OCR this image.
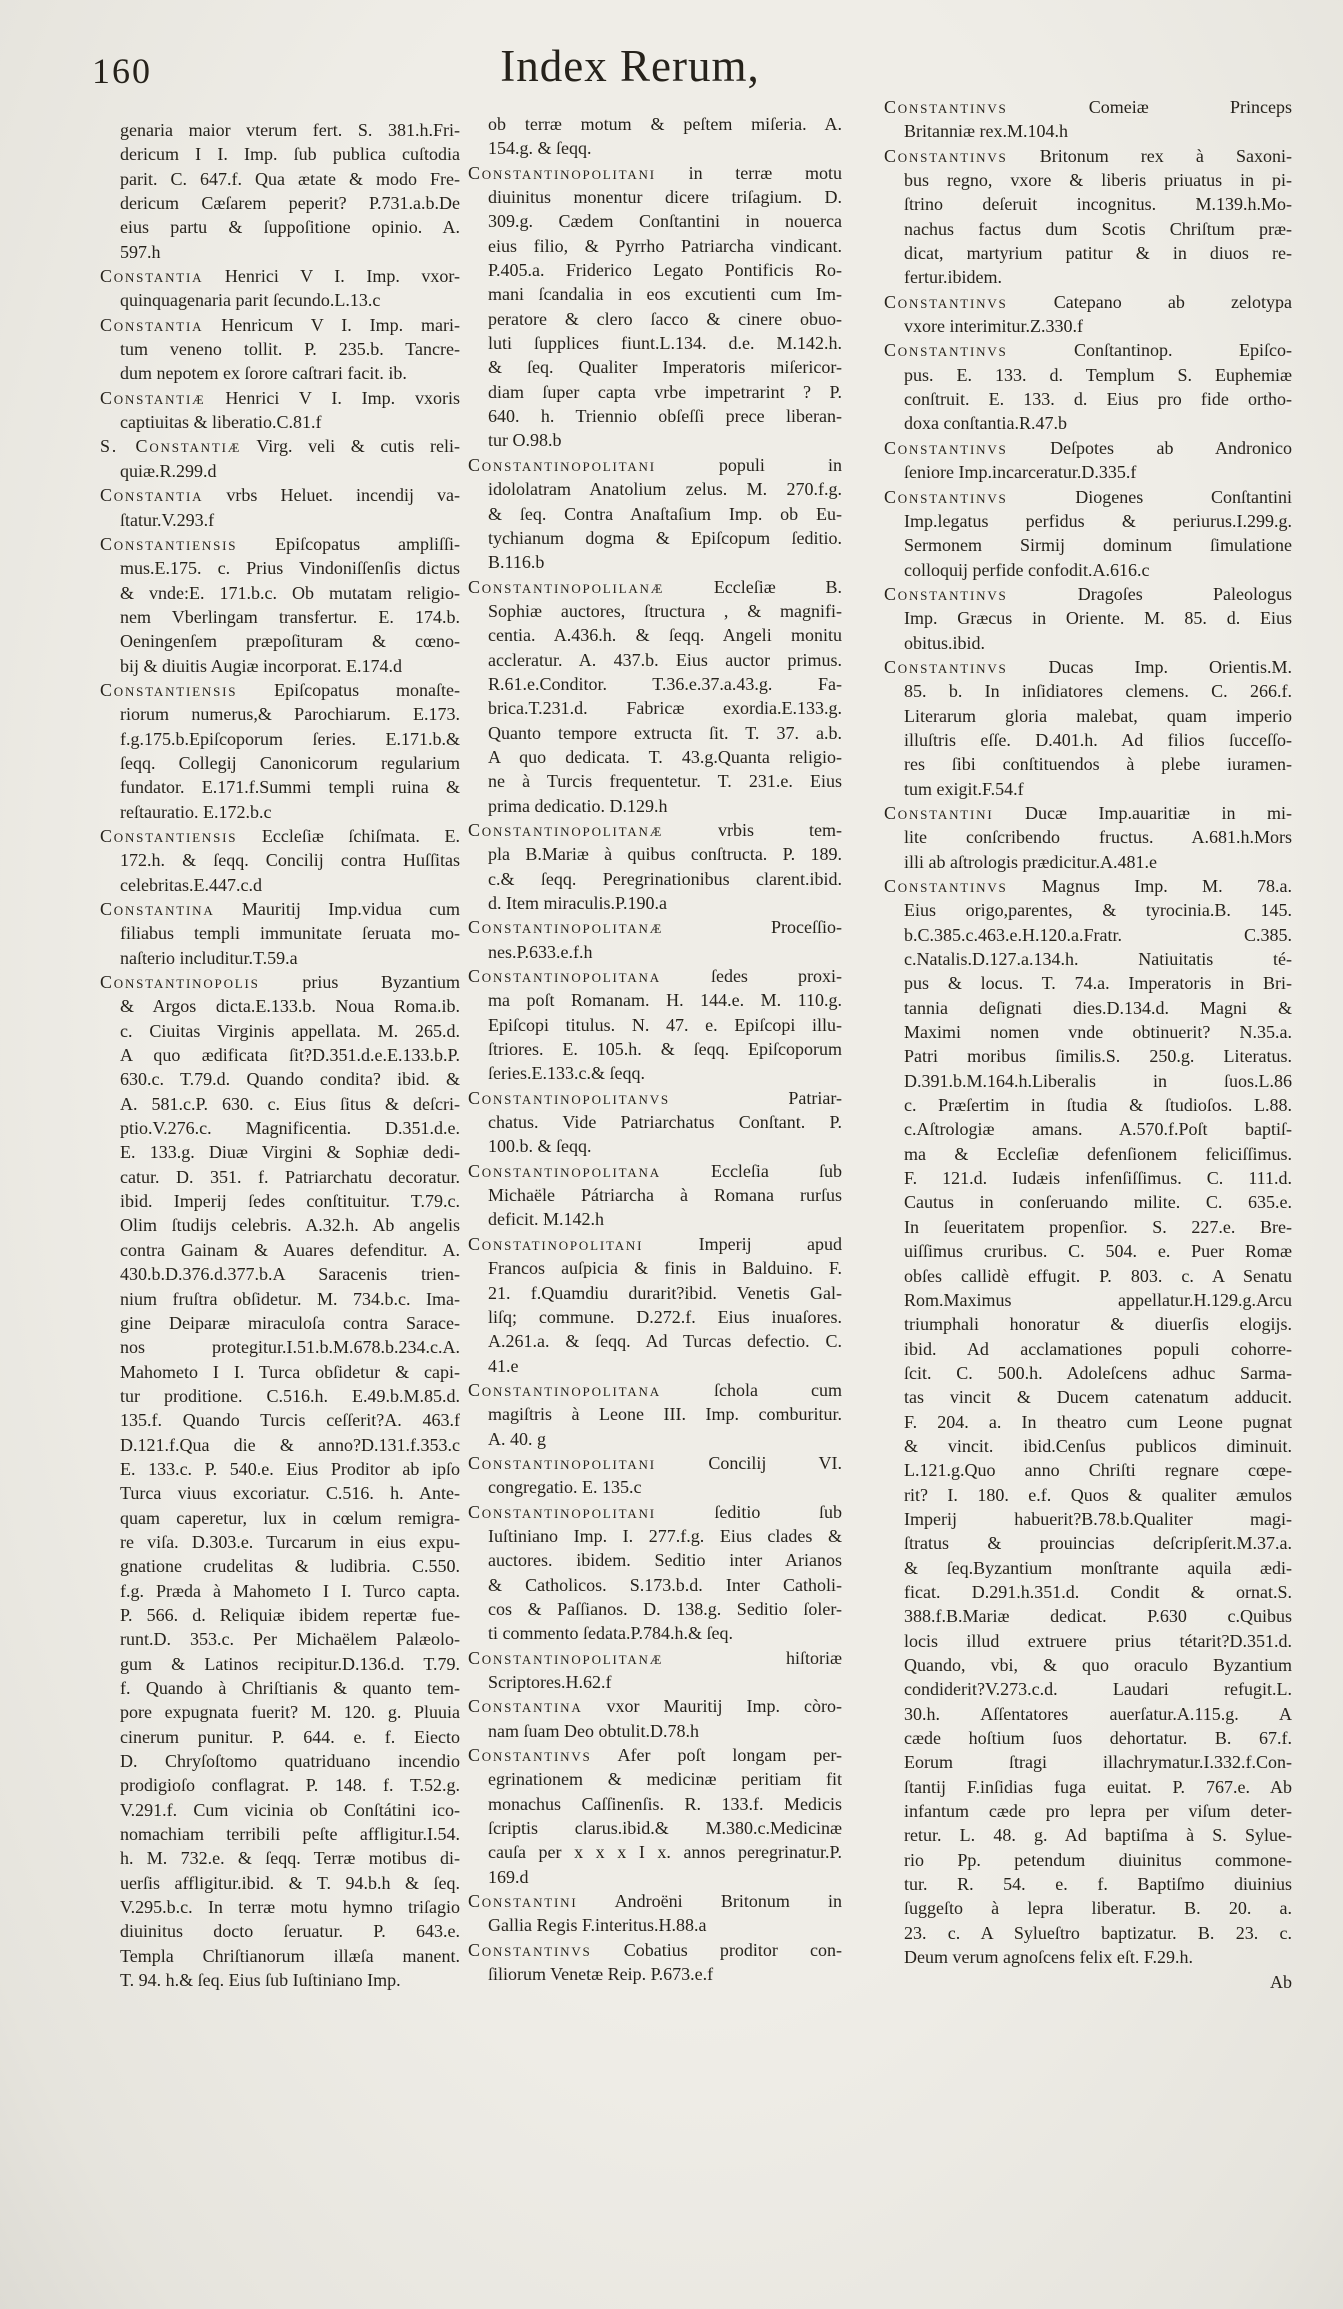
160	Index Rerum,
genaria maior vterum fert. S. 381.h.Fri-
dericum I I. Imp. ſub publica cuſtodia
parit. C. 647.f. Qua ætate & modo Fre-
dericum Cæſarem peperit? P.731.a.b.De
eius partu & ſuppoſitione opinio. A.
597.h
Constantia Henrici V I. Imp. vxor-
quinquagenaria parit ſecundo.L.13.c
Constantia Henricum V I. Imp. mari-
tum veneno tollit. P. 235.b. Tancre-
dum nepotem ex ſorore caſtrari facit. ib.
Constantiæ Henrici V I. Imp. vxoris
captiuitas & liberatio.C.81.f
S. Constantiæ Virg. veli & cutis reli-
quiæ.R.299.d
Constantia vrbs Heluet. incendij va-
ſtatur.V.293.f
Constantiensis Epiſcopatus ampliſſi-
mus.E.175. c. Prius Vindoniſſenſis dictus
& vnde:E. 171.b.c. Ob mutatam religio-
nem Vberlingam transfertur. E. 174.b.
Oeningenſem præpoſituram & cœno-
bij & diuitis Augiæ incorporat. E.174.d
Constantiensis Epiſcopatus monaſte-
riorum numerus,& Parochiarum. E.173.
f.g.175.b.Epiſcoporum ſeries. E.171.b.&
ſeqq. Collegij Canonicorum regularium
fundator. E.171.f.Summi templi ruina &
reſtauratio. E.172.b.c
Constantiensis Eccleſiæ ſchiſmata. E.
172.h. & ſeqq. Concilij contra Huſſitas
celebritas.E.447.c.d
Constantina Mauritij Imp.vidua cum
filiabus templi immunitate ſeruata mo-
naſterio includitur.T.59.a
Constantinopolis prius Byzantium
& Argos dicta.E.133.b. Noua Roma.ib.
c. Ciuitas Virginis appellata. M. 265.d.
A quo ædificata ſit?D.351.d.e.E.133.b.P.
630.c. T.79.d. Quando condita? ibid. &
A. 581.c.P. 630. c. Eius ſitus & deſcri-
ptio.V.276.c. Magnificentia. D.351.d.e.
E. 133.g. Diuæ Virgini & Sophiæ dedi-
catur. D. 351. f. Patriarchatu decoratur.
ibid. Imperij ſedes conſtituitur. T.79.c.
Olim ſtudijs celebris. A.32.h. Ab angelis
contra Gainam & Auares defenditur. A.
430.b.D.376.d.377.b.A Saracenis trien-
nium fruſtra obſidetur. M. 734.b.c. Ima-
gine Deiparæ miraculoſa contra Sarace-
nos protegitur.I.51.b.M.678.b.234.c.A.
Mahometo I I. Turca obſidetur & capi-
tur proditione. C.516.h. E.49.b.M.85.d.
135.f. Quando Turcis ceſſerit?A. 463.f
D.121.f.Qua die & anno?D.131.f.353.c
E. 133.c. P. 540.e. Eius Proditor ab ipſo
Turca viuus excoriatur. C.516. h. Ante-
quam caperetur, lux in cœlum remigra-
re viſa. D.303.e. Turcarum in eius expu-
gnatione crudelitas & ludibria. C.550.
f.g. Præda à Mahometo I I. Turco capta.
P. 566. d. Reliquiæ ibidem repertæ fue-
runt.D. 353.c. Per Michaëlem Palæolo-
gum & Latinos recipitur.D.136.d. T.79.
f. Quando à Chriſtianis & quanto tem-
pore expugnata fuerit? M. 120. g. Pluuia
cinerum punitur. P. 644. e. f. Eiecto
D. Chryſoſtomo quatriduano incendio
prodigioſo conflagrat. P. 148. f. T.52.g.
V.291.f. Cum vicinia ob Conſtátini ico-
nomachiam terribili peſte affligitur.I.54.
h. M. 732.e. & ſeqq. Terræ motibus di-
uerſis affligitur.ibid. & T. 94.b.h & ſeq.
V.295.b.c. In terræ motu hymno triſagio
diuinitus docto ſeruatur. P. 643.e.
Templa Chriſtianorum illæſa manent.
T. 94. h.& ſeq. Eius ſub Iuſtiniano Imp.
ob terræ motum & peſtem miſeria. A.
154.g. & ſeqq.
Constantinopolitani in terræ motu
diuinitus monentur dicere triſagium. D.
309.g. Cædem Conſtantini in nouerca
eius filio, & Pyrrho Patriarcha vindicant.
P.405.a. Friderico Legato Pontificis Ro-
mani ſcandalia in eos excutienti cum Im-
peratore & clero ſacco & cinere obuo-
luti ſupplices fiunt.L.134. d.e. M.142.h.
& ſeq. Qualiter Imperatoris miſericor-
diam ſuper capta vrbe impetrarint ? P.
640. h. Triennio obſeſſi prece liberan-
tur O.98.b
Constantinopolitani populi in
idololatram Anatolium zelus. M. 270.f.g.
& ſeq. Contra Anaſtaſium Imp. ob Eu-
tychianum dogma & Epiſcopum ſeditio.
B.116.b
Constantinopolilanæ Eccleſiæ B.
Sophiæ auctores, ſtructura , & magnifi-
centia. A.436.h. & ſeqq. Angeli monitu
accleratur. A. 437.b. Eius auctor primus.
R.61.e.Conditor. T.36.e.37.a.43.g. Fa-
brica.T.231.d. Fabricæ exordia.E.133.g.
Quanto tempore extructa ſit. T. 37. a.b.
A quo dedicata. T. 43.g.Quanta religio-
ne à Turcis frequentetur. T. 231.e. Eius
prima dedicatio. D.129.h
Constantinopolitanæ vrbis tem-
pla B.Mariæ à quibus conſtructa. P. 189.
c.& ſeqq. Peregrinationibus clarent.ibid.
d. Item miraculis.P.190.a
Constantinopolitanæ Proceſſio-
nes.P.633.e.f.h
Constantinopolitana ſedes proxi-
ma poſt Romanam. H. 144.e. M. 110.g.
Epiſcopi titulus. N. 47. e. Epiſcopi illu-
ſtriores. E. 105.h. & ſeqq. Epiſcoporum
ſeries.E.133.c.& ſeqq.
Constantinopolitanvs Patriar-
chatus. Vide Patriarchatus Conſtant. P.
100.b. & ſeqq.
Constantinopolitana Eccleſia ſub
Michaële Pátriarcha à Romana rurſus
deficit. M.142.h
Constatinopolitani Imperij apud
Francos auſpicia & finis in Balduino. F.
21. f.Quamdiu durarit?ibid. Venetis Gal-
liſq; commune. D.272.f. Eius inuaſores.
A.261.a. & ſeqq. Ad Turcas defectio. C.
41.e
Constantinopolitana ſchola cum
magiſtris à Leone III. Imp. comburitur.
A. 40. g
Constantinopolitani Concilij VI.
congregatio. E. 135.c
Constantinopolitani ſeditio ſub
Iuſtiniano Imp. I. 277.f.g. Eius clades &
auctores. ibidem. Seditio inter Arianos
& Catholicos. S.173.b.d. Inter Catholi-
cos & Paſſianos. D. 138.g. Seditio ſoler-
ti commento ſedata.P.784.h.& ſeq.
Constantinopolitanæ hiſtoriæ
Scriptores.H.62.f
Constantina vxor Mauritij Imp. còro-
nam ſuam Deo obtulit.D.78.h
Constantinvs Afer poſt longam per-
egrinationem & medicinæ peritiam fit
monachus Caſſinenſis. R. 133.f. Medicis
ſcriptis clarus.ibid.& M.380.c.Medicinæ
cauſa per x x x I x. annos peregrinatur.P.
169.d
Constantini Androëni Britonum in
Gallia Regis F.interitus.H.88.a
Constantinvs Cobatius proditor con-
ſiliorum Venetæ Reip. P.673.e.f
Constantinvs Comeiæ Princeps
Britanniæ rex.M.104.h
Constantinvs Britonum rex à Saxoni-
bus regno, vxore & liberis priuatus in pi-
ſtrino deſeruit incognitus. M.139.h.Mo-
nachus factus dum Scotis Chriſtum præ-
dicat, martyrium patitur & in diuos re-
fertur.ibidem.
Constantinvs Catepano ab zelotypa
vxore interimitur.Z.330.f
Constantinvs Conſtantinop. Epiſco-
pus. E. 133. d. Templum S. Euphemiæ
conſtruit. E. 133. d. Eius pro fide ortho-
doxa conſtantia.R.47.b
Constantinvs Deſpotes ab Andronico
ſeniore Imp.incarceratur.D.335.f
Constantinvs Diogenes Conſtantini
Imp.legatus perfidus & periurus.I.299.g.
Sermonem Sirmij dominum ſimulatione
colloquij perfide confodit.A.616.c
Constantinvs Dragoſes Paleologus
Imp. Græcus in Oriente. M. 85. d. Eius
obitus.ibid.
Constantinvs Ducas Imp. Orientis.M.
85. b. In inſidiatores clemens. C. 266.f.
Literarum gloria malebat, quam imperio
illuſtris eſſe. D.401.h. Ad filios ſucceſſo-
res ſibi conſtituendos à plebe iuramen-
tum exigit.F.54.f
Constantini Ducæ Imp.auaritiæ in mi-
lite conſcribendo fructus. A.681.h.Mors
illi ab aſtrologis prædicitur.A.481.e
Constantinvs Magnus Imp. M. 78.a.
Eius origo,parentes, & tyrocinia.B. 145.
b.C.385.c.463.e.H.120.a.Fratr. C.385.
c.Natalis.D.127.a.134.h. Natiuitatis té-
pus & locus. T. 74.a. Imperatoris in Bri-
tannia deſignati dies.D.134.d. Magni &
Maximi nomen vnde obtinuerit? N.35.a.
Patri moribus ſimilis.S. 250.g. Literatus.
D.391.b.M.164.h.Liberalis in ſuos.L.86
c. Præſertim in ſtudia & ſtudioſos. L.88.
c.Aſtrologiæ amans. A.570.f.Poſt baptiſ-
ma & Eccleſiæ defenſionem feliciſſimus.
F. 121.d. Iudæis infenſiſſimus. C. 111.d.
Cautus in conſeruando milite. C. 635.e.
In ſeueritatem propenſior. S. 227.e. Bre-
uiſſimus cruribus. C. 504. e. Puer Romæ
obſes callidè effugit. P. 803. c. A Senatu
Rom.Maximus appellatur.H.129.g.Arcu
triumphali honoratur & diuerſis elogijs.
ibid. Ad acclamationes populi cohorre-
ſcit. C. 500.h. Adoleſcens adhuc Sarma-
tas vincit & Ducem catenatum adducit.
F. 204. a. In theatro cum Leone pugnat
& vincit. ibid.Cenſus publicos diminuit.
L.121.g.Quo anno Chriſti regnare cœpe-
rit? I. 180. e.f. Quos & qualiter æmulos
Imperij habuerit?B.78.b.Qualiter magi-
ſtratus & prouincias deſcripſerit.M.37.a.
& ſeq.Byzantium monſtrante aquila ædi-
ficat. D.291.h.351.d. Condit & ornat.S.
388.f.B.Mariæ dedicat. P.630 c.Quibus
locis illud extruere prius tétarit?D.351.d.
Quando, vbi, & quo oraculo Byzantium
condiderit?V.273.c.d. Laudari refugit.L.
30.h. Aſſentatores auerſatur.A.115.g. A
cæde hoſtium ſuos dehortatur. B. 67.f.
Eorum ſtragi illachrymatur.I.332.f.Con-
ſtantij F.inſidias fuga euitat. P. 767.e. Ab
infantum cæde pro lepra per viſum deter-
retur. L. 48. g. Ad baptiſma à S. Sylue-
rio Pp. petendum diuinitus commone-
tur. R. 54. e. f. Baptiſmo diuinius
ſuggeſto à lepra liberatur. B. 20. a.
23. c. A Sylueſtro baptizatur. B. 23. c.
Deum verum agnoſcens felix eſt. F.29.h.
Ab
